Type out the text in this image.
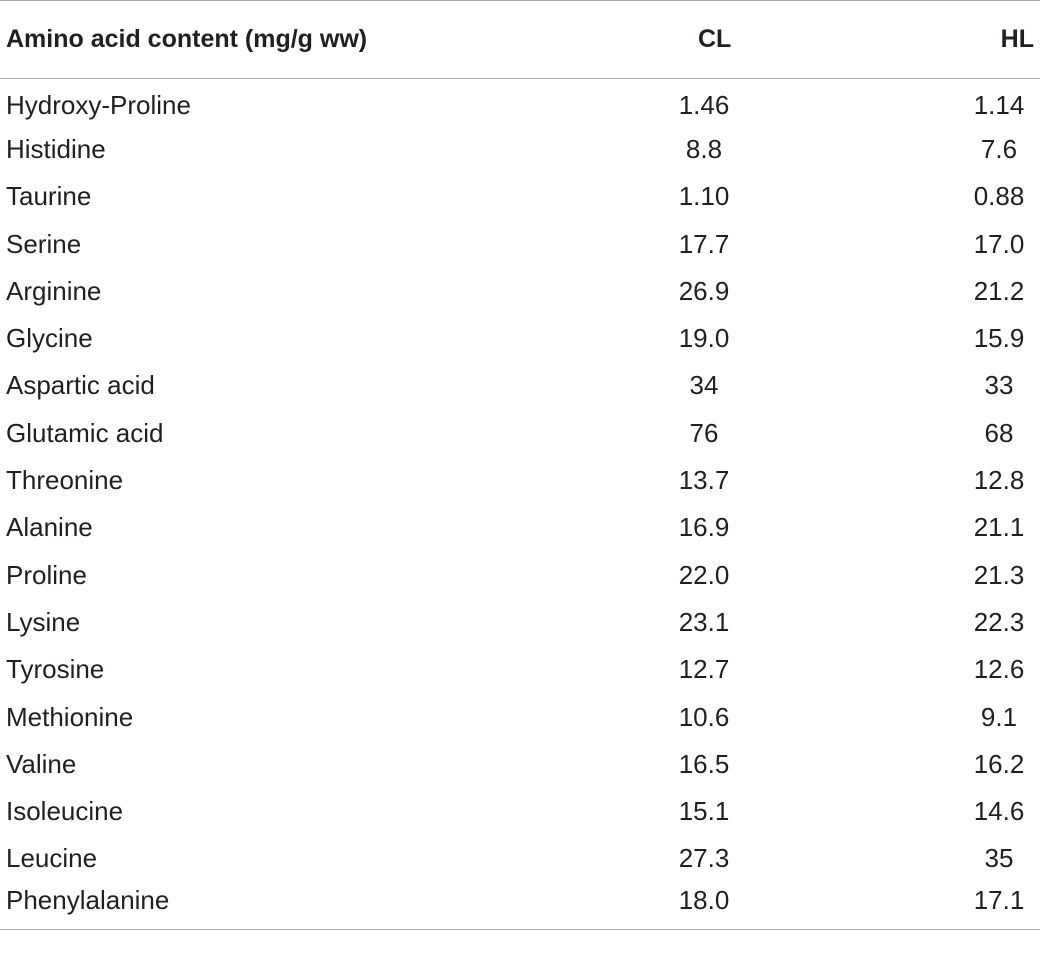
Amino acid content (mg/g ww)	CL	HL
Hydroxy-Proline	1.46	1.14
Histidine	8.8	7.6
Taurine	1.10	0.88
Serine	17.7	17.0
Arginine	26.9	21.2
Glycine	19.0	15.9
Aspartic acid	34	33
Glutamic acid	76	68
Threonine	13.7	12.8
Alanine	16.9	21.1
Proline	22.0	21.3
Lysine	23.1	22.3
Tyrosine	12.7	12.6
Methionine	10.6	9.1
Valine	16.5	16.2
Isoleucine	15.1	14.6
Leucine	27.3	35
Phenylalanine	18.0	17.1
